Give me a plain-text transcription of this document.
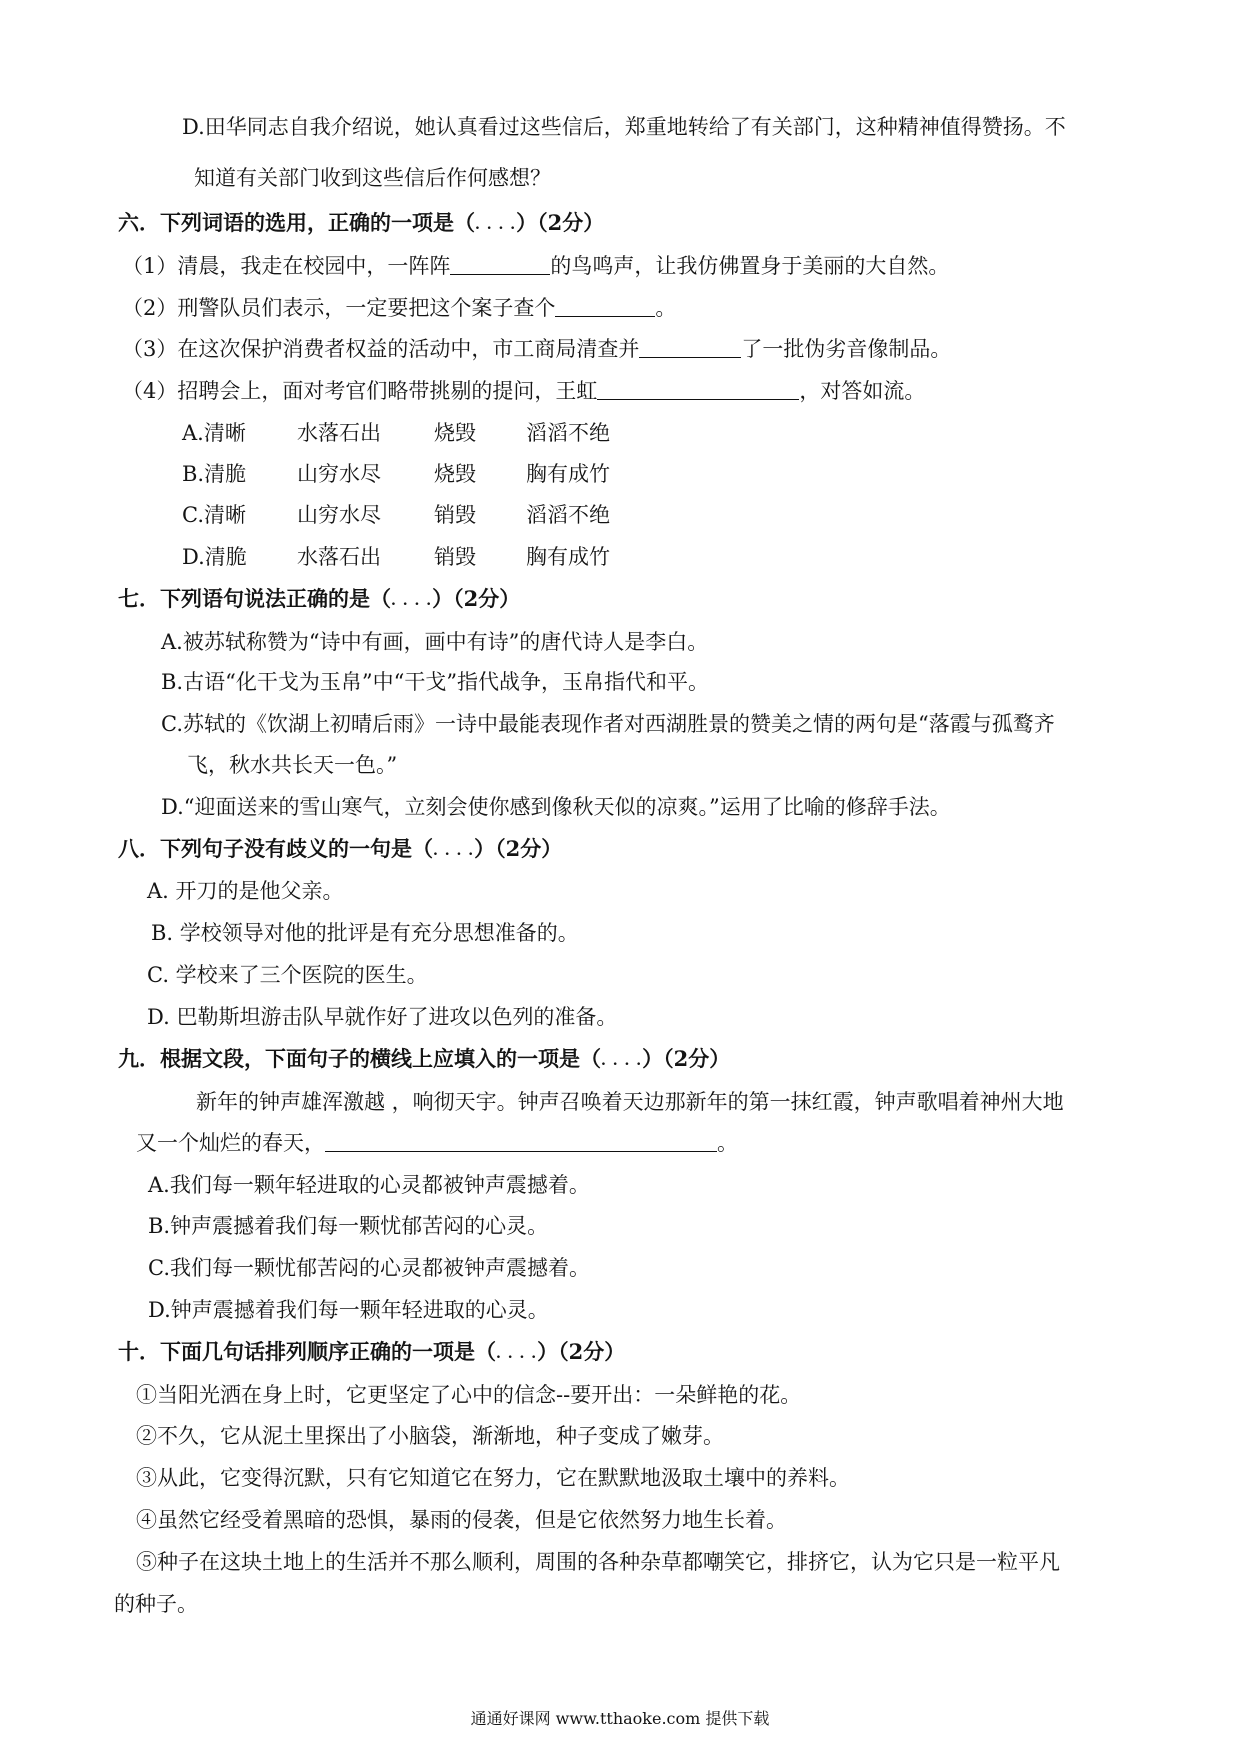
D.田华同志自我介绍说，她认真看过这些信后，郑重地转给了有关部门，这种精神值得赞扬。不
知道有关部门收到这些信后作何感想？
六．下列词语的选用，正确的一项是（. . . .）（2分）
（1）清晨，我走在校园中，一阵阵	的鸟鸣声，让我仿佛置身于美丽的大自然。
（2）刑警队员们表示，一定要把这个案子查个	。
（3）在这次保护消费者权益的活动中，市工商局清查并	了一批伪劣音像制品。
（4）招聘会上，面对考官们略带挑剔的提问，王虹	，对答如流。
A.清晰 水落石出	烧毁 滔滔不绝
B.清脆 山穷水尽	烧毁 胸有成竹
C.清晰 山穷水尽	销毁 滔滔不绝
D.清脆 水落石出	销毁 胸有成竹
七．下列语句说法正确的是（. . . .）（2分）
A.被苏轼称赞为“诗中有画，画中有诗”的唐代诗人是李白。
B.古语“化干戈为玉帛”中“干戈”指代战争，玉帛指代和平。
C.苏轼的《饮湖上初晴后雨》一诗中最能表现作者对西湖胜景的赞美之情的两句是“落霞与孤鹜齐
飞，秋水共长天一色。”
D.“迎面送来的雪山寒气，立刻会使你感到像秋天似的凉爽。”运用了比喻的修辞手法。
八．下列句子没有歧义的一句是（. . . .）（2分）
A. 开刀的是他父亲。
B. 学校领导对他的批评是有充分思想准备的。
C. 学校来了三个医院的医生。
D. 巴勒斯坦游击队早就作好了进攻以色列的准备。
九．根据文段，下面句子的横线上应填入的一项是（. . . .）（2分）
新年的钟声雄浑激越 ，响彻天宇。钟声召唤着天边那新年的第一抹红霞，钟声歌唱着神州大地
又一个灿烂的春天，	。
A.我们每一颗年轻进取的心灵都被钟声震撼着。
B.钟声震撼着我们每一颗忧郁苦闷的心灵。
C.我们每一颗忧郁苦闷的心灵都被钟声震撼着。
D.钟声震撼着我们每一颗年轻进取的心灵。
十．下面几句话排列顺序正确的一项是（. . . .）（2分）
①当阳光洒在身上时，它更坚定了心中的信念--要开出：一朵鲜艳的花。
②不久，它从泥土里探出了小脑袋，渐渐地，种子变成了嫩芽。
③从此，它变得沉默，只有它知道它在努力，它在默默地汲取土壤中的养料。
④虽然它经受着黑暗的恐惧，暴雨的侵袭，但是它依然努力地生长着。
⑤种子在这块土地上的生活并不那么顺利，周围的各种杂草都嘲笑它，排挤它，认为它只是一粒平凡
的种子。
通通好课网 www.tthaoke.com 提供下载
